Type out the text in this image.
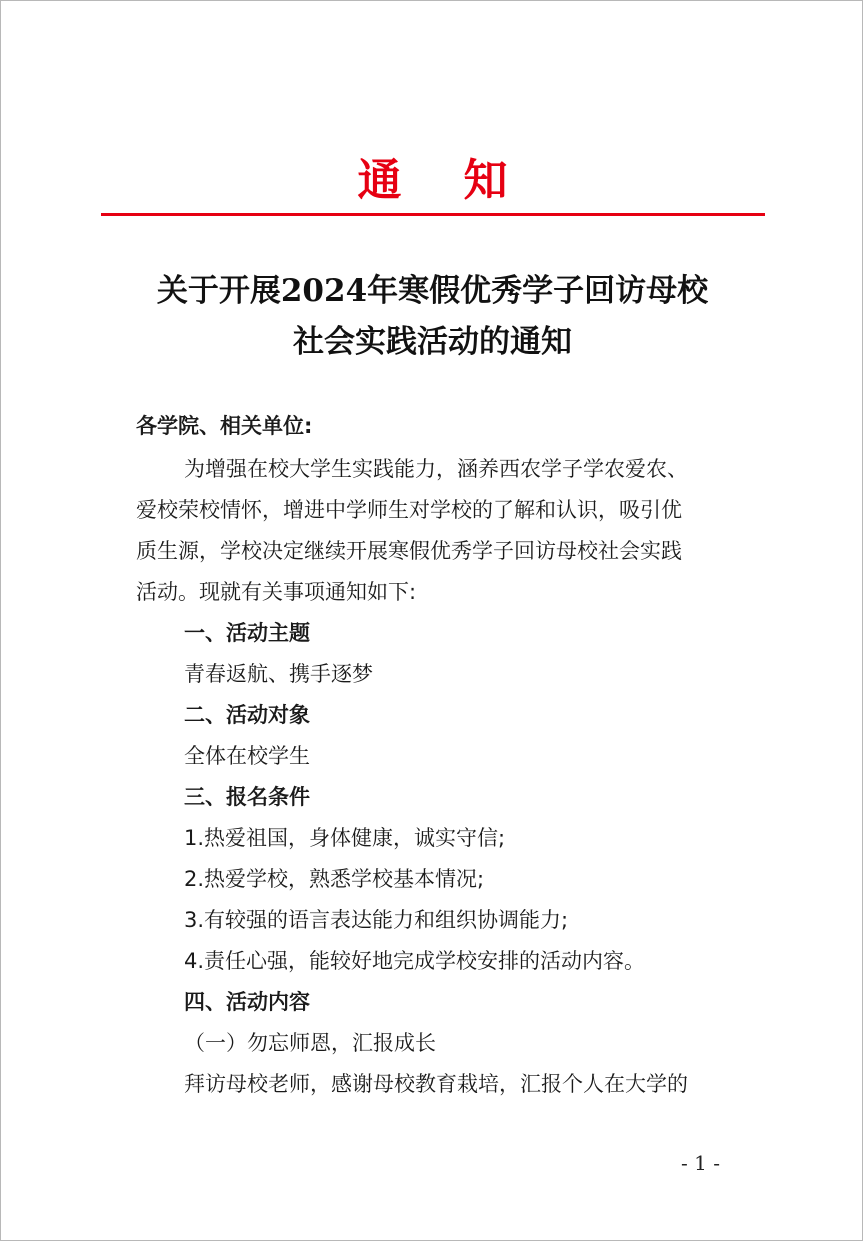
通知
关于开展2024年寒假优秀学子回访母校
社会实践活动的通知
各学院、相关单位:
为增强在校大学生实践能力，涵养西农学子学农爱农、
爱校荣校情怀，增进中学师生对学校的了解和认识，吸引优
质生源，学校决定继续开展寒假优秀学子回访母校社会实践
活动。现就有关事项通知如下:
一、活动主题
青春返航、携手逐梦
二、活动对象
全体在校学生
三、报名条件
1.热爱祖国，身体健康，诚实守信;
2.热爱学校，熟悉学校基本情况;
3.有较强的语言表达能力和组织协调能力;
4.责任心强，能较好地完成学校安排的活动内容。
四、活动内容
（一）勿忘师恩，汇报成长
拜访母校老师，感谢母校教育栽培，汇报个人在大学的
- 1 -
